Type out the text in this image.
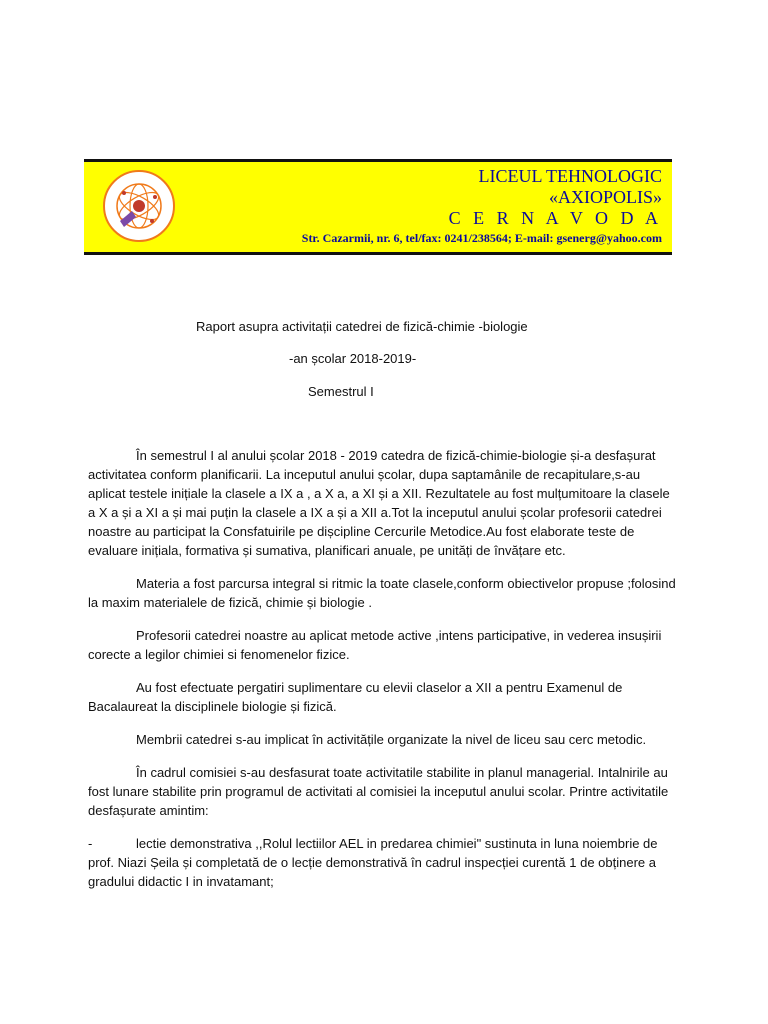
LICEUL TEHNOLOGIC
«AXIOPOLIS»
C E R N A V O D A
Str. Cazarmii, nr. 6, tel/fax: 0241/238564; E-mail: gsenerg@yahoo.com
Raport asupra activitații catedrei de fizică-chimie -biologie
-an școlar 2018-2019-
Semestrul I

În semestrul I al anului școlar 2018 - 2019 catedra de fizică-chimie-biologie și-a desfașurat activitatea conform planificarii. La inceputul anului școlar, dupa saptamânile de recapitulare,s-au aplicat testele inițiale la clasele a IX a , a X a, a XI și a XII. Rezultatele au fost mulțumitoare la clasele a X a și a XI a și mai puțin la clasele a IX a și a XII a.Tot la inceputul anului școlar profesorii catedrei noastre au participat la Consfatuirile pe dișcipline Cercurile Metodice.Au fost elaborate teste de evaluare inițiala, formativa și sumativa, planificari anuale, pe unități de învățare etc.

Materia a fost parcursa integral si ritmic la toate clasele,conform obiectivelor propuse ;folosind la maxim materialele de fizică, chimie și biologie .

Profesorii catedrei noastre au aplicat metode active ,intens participative, in vederea insușirii corecte a legilor chimiei si fenomenelor fizice.

Au fost efectuate pergatiri suplimentare cu elevii claselor a XII a pentru Examenul de Bacalaureat la disciplinele biologie și fizică.

Membrii catedrei s-au implicat în activitățile organizate la nivel de liceu sau cerc metodic.

În cadrul comisiei s-au desfasurat toate activitatile stabilite in planul managerial. Intalnirile au fost lunare stabilite prin programul de activitati al comisiei la inceputul anului scolar. Printre activitatile desfașurate amintim:

-	lectie demonstrativa ,,Rolul lectiilor AEL in predarea chimiei" sustinuta in luna noiembrie de
prof. Niazi Șeila și completată de o lecție demonstrativă în cadrul inspecției curentă 1 de obținere a gradului didactic I in invatamant;
